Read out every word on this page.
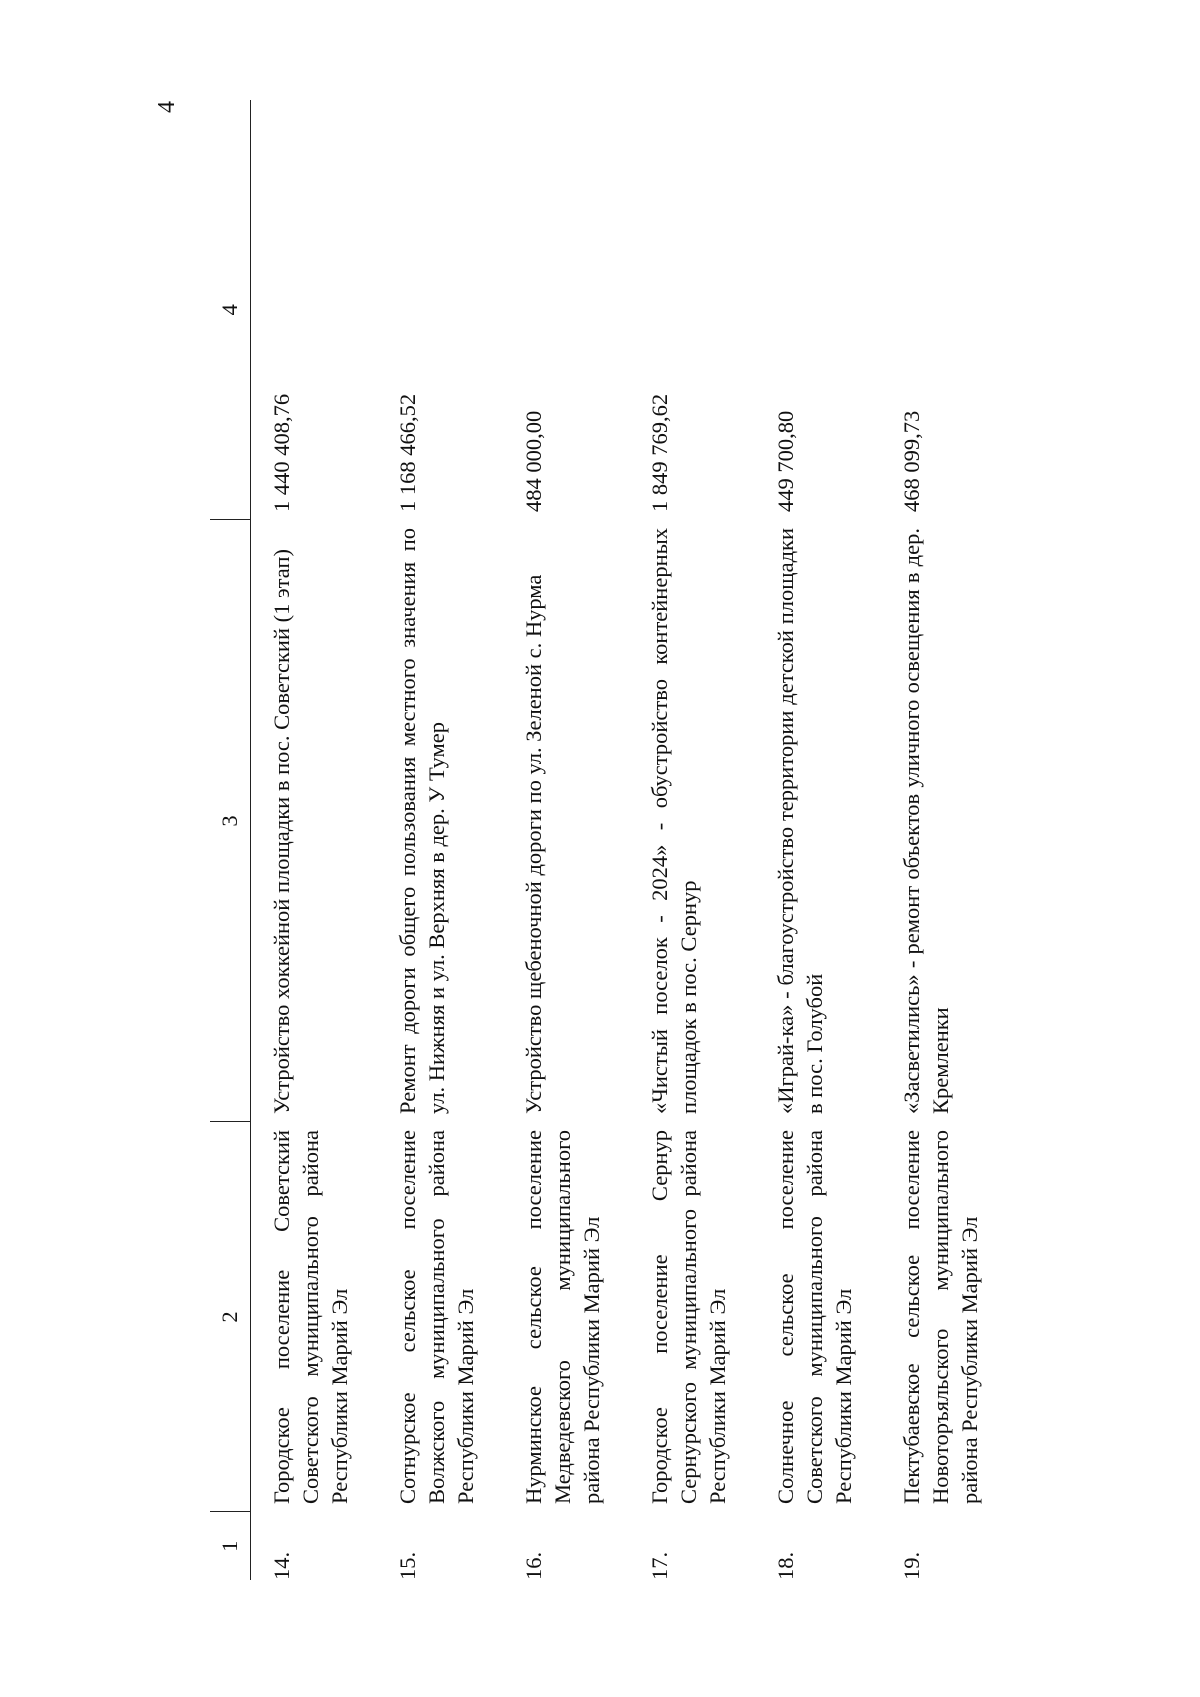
4
1	2	3	4
14.	Городское поселение Советский Советского муниципального района Республики Марий Эл	Устройство хоккейной площадки в пос. Советский (1 этап)	1 440 408,76
15.	Сотнурское сельское поселение Волжского муниципального района Республики Марий Эл	Ремонт дороги общего пользования местного значения по ул. Нижняя и ул. Верхняя в дер. У Тумер	1 168 466,52
16.	Нурминское сельское поселение Медведевского муниципального района Республики Марий Эл	Устройство щебеночной дороги по ул. Зеленой с. Нурма	484 000,00
17.	Городское поселение Сернур Сернурского муниципального района Республики Марий Эл	«Чистый поселок - 2024» - обустройство контейнерных площадок в пос. Сернур	1 849 769,62
18.	Солнечное сельское поселение Советского муниципального района Республики Марий Эл	«Играй-ка» - благоустройство территории детской площадки в пос. Голубой	449 700,80
19.	Пектубаевское сельское поселение Новоторъяльского муниципального района Республики Марий Эл	«Засветились» - ремонт объектов уличного освещения в дер. Кремленки	468 099,73
